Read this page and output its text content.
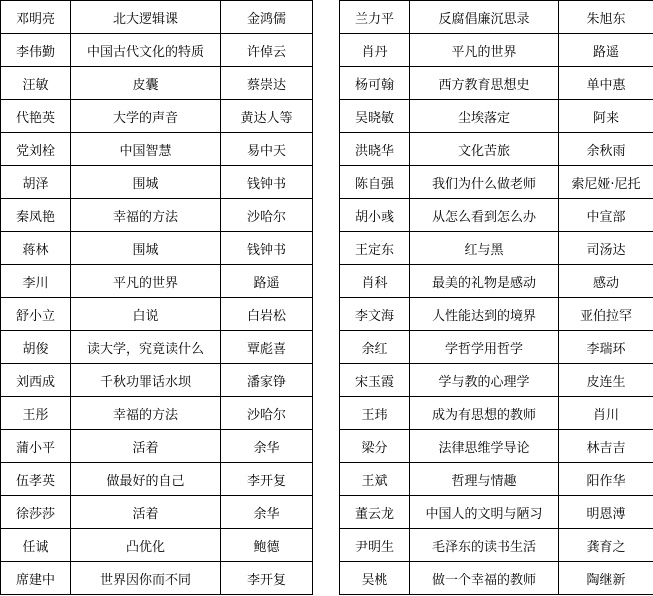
邓明亮	北大逻辑课	金鸿儒
李伟勤	中国古代文化的特质	许倬云
汪敏	皮囊	蔡崇达
代艳英	大学的声音	黄达人等
党刘栓	中国智慧	易中天
胡泽	围城	钱钟书
秦凤艳	幸福的方法	沙哈尔
蒋林	围城	钱钟书
李川	平凡的世界	路遥
舒小立	白说	白岩松
胡俊	读大学，究竟读什么	覃彪喜
刘西成	千秋功罪话水坝	潘家铮
王彤	幸福的方法	沙哈尔
蒲小平	活着	余华
伍孝英	做最好的自己	李开复
徐莎莎	活着	余华
任诚	凸优化	鲍德
席建中	世界因你而不同	李开复
兰力平	反腐倡廉沉思录	朱旭东
肖丹	平凡的世界	路遥
杨可翰	西方教育思想史	单中惠
吴晓敏	尘埃落定	阿来
洪晓华	文化苦旅	余秋雨
陈自强	我们为什么做老师	索尼娅·尼托
胡小彧	从怎么看到怎么办	中宣部
王定东	红与黑	司汤达
肖科	最美的礼物是感动	感动
李文海	人性能达到的境界	亚伯拉罕
余红	学哲学用哲学	李瑞环
宋玉霞	学与教的心理学	皮连生
王玮	成为有思想的教师	肖川
梁分	法律思维学导论	林吉吉
王斌	哲理与情趣	阳作华
董云龙	中国人的文明与陋习	明恩溥
尹明生	毛泽东的读书生活	龚育之
吴桃	做一个幸福的教师	陶继新
